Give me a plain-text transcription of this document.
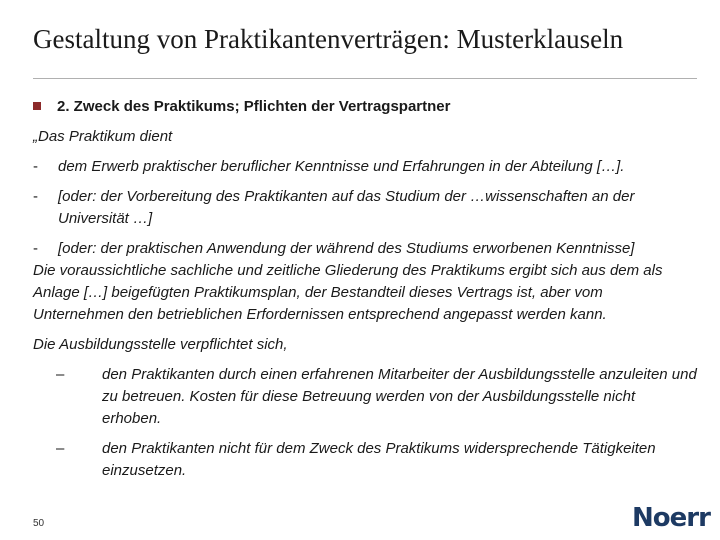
Gestaltung von Praktikantenverträgen: Musterklauseln
2. Zweck des Praktikums; Pflichten der Vertragspartner
„Das Praktikum dient
- dem Erwerb praktischer beruflicher Kenntnisse und Erfahrungen in der Abteilung […].
- [oder: der Vorbereitung des Praktikanten auf das Studium der …wissenschaften an der Universität …]
- [oder: der praktischen Anwendung der während des Studiums erworbenen Kenntnisse]
Die voraussichtliche sachliche und zeitliche Gliederung des Praktikums ergibt sich aus dem als Anlage […] beigefügten Praktikumsplan, der Bestandteil dieses Vertrags ist, aber vom Unternehmen den betrieblichen Erfordernissen entsprechend angepasst werden kann.
Die Ausbildungsstelle verpflichtet sich,
–	den Praktikanten durch einen erfahrenen Mitarbeiter der Ausbildungsstelle anzuleiten und zu betreuen. Kosten für diese Betreuung werden von der Ausbildungsstelle nicht erhoben.
–	den Praktikanten nicht für dem Zweck des Praktikums widersprechende Tätigkeiten einzusetzen.
50	Noerr
